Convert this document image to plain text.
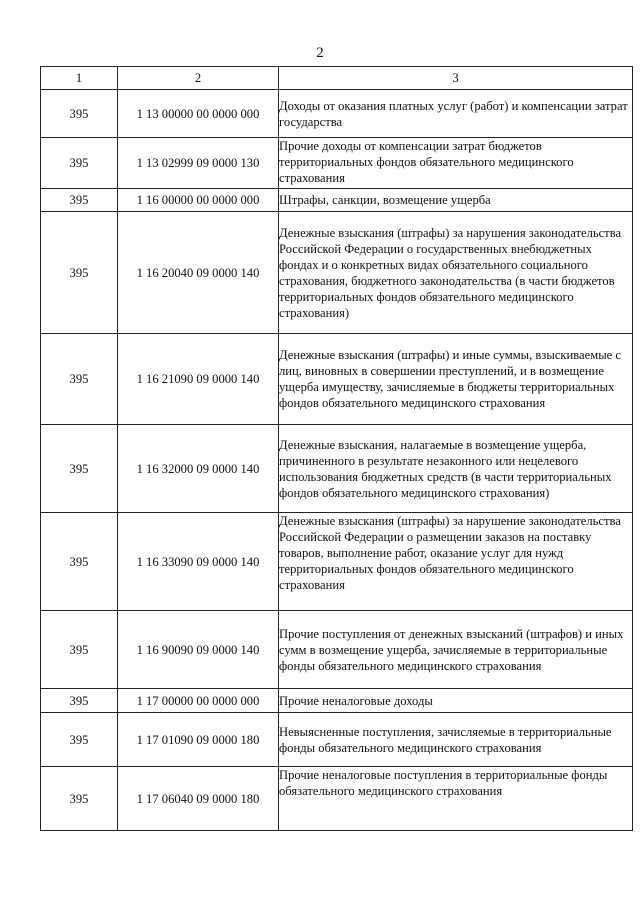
2
1	2	3
395	1 13 00000 00 0000 000	Доходы от оказания платных услуг (работ) и компенсации затрат государства
395	1 13 02999 09 0000 130	Прочие доходы от компенсации затрат бюджетов территориальных фондов обязательного медицинского страхования
395	1 16 00000 00 0000 000	Штрафы, санкции, возмещение ущерба
395	1 16 20040 09 0000 140	Денежные взыскания (штрафы) за нарушения законодательства Российской Федерации о государственных внебюджетных фондах и о конкретных видах обязательного социального страхования, бюджетного законодательства (в части бюджетов территориальных фондов обязательного медицинского страхования)
395	1 16 21090 09 0000 140	Денежные взыскания (штрафы) и иные суммы, взыскиваемые с лиц, виновных в совершении преступлений, и в возмещение ущерба имуществу, зачисляемые в бюджеты территориальных фондов обязательного медицинского страхования
395	1 16 32000 09 0000 140	Денежные взыскания, налагаемые в возмещение ущерба, причиненного в результате незаконного или нецелевого использования бюджетных средств (в части территориальных фондов обязательного медицинского страхования)
395	1 16 33090 09 0000 140	Денежные взыскания (штрафы) за нарушение законодательства Российской Федерации о размещении заказов на поставку товаров, выполнение работ, оказание услуг для нужд территориальных фондов обязательного медицинского страхования
395	1 16 90090 09 0000 140	Прочие поступления от денежных взысканий (штрафов) и иных сумм в возмещение ущерба, зачисляемые в территориальные фонды обязательного медицинского страхования
395	1 17 00000 00 0000 000	Прочие неналоговые доходы
395	1 17 01090 09 0000 180	Невыясненные поступления, зачисляемые в территориальные фонды обязательного медицинского страхования
395	1 17 06040 09 0000 180	Прочие неналоговые поступления в территориальные фонды обязательного медицинского страхования
